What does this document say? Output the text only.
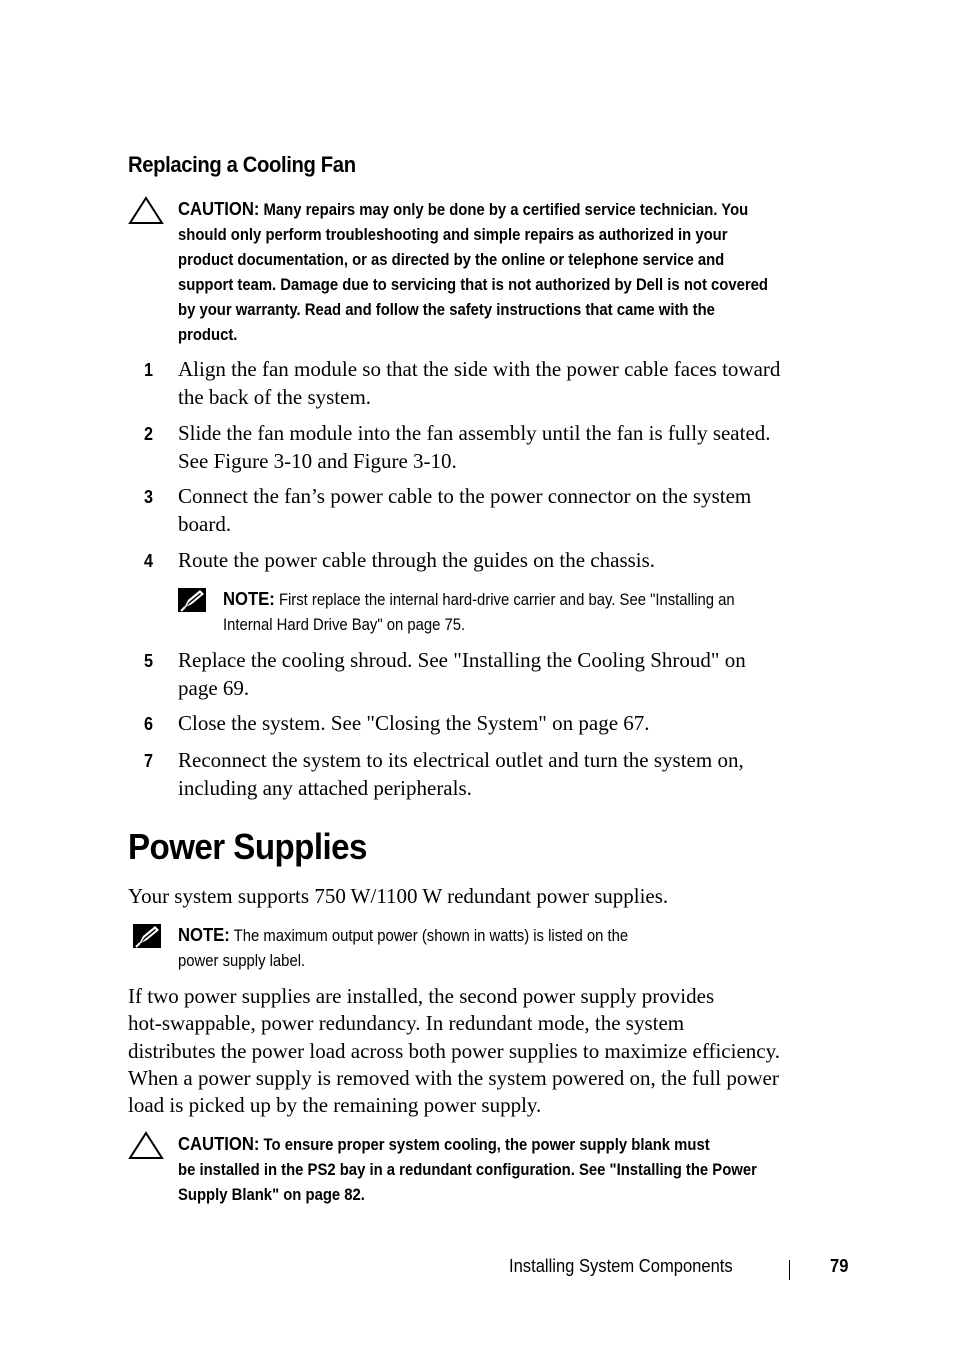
Replacing a Cooling Fan
CAUTION: Many repairs may only be done by a certified service technician. You
should only perform troubleshooting and simple repairs as authorized in your
product documentation, or as directed by the online or telephone service and
support team. Damage due to servicing that is not authorized by Dell is not covered
by your warranty. Read and follow the safety instructions that came with the
product.
1 Align the fan module so that the side with the power cable faces toward
the back of the system.
2 Slide the fan module into the fan assembly until the fan is fully seated.
See Figure 3-10 and Figure 3-10.
3 Connect the fan’s power cable to the power connector on the system
board.
4 Route the power cable through the guides on the chassis.
NOTE: First replace the internal hard-drive carrier and bay. See "Installing an
Internal Hard Drive Bay" on page 75.
5 Replace the cooling shroud. See "Installing the Cooling Shroud" on
page 69.
6 Close the system. See "Closing the System" on page 67.
7 Reconnect the system to its electrical outlet and turn the system on,
including any attached peripherals.
Power Supplies
Your system supports 750 W/1100 W redundant power supplies.
NOTE: The maximum output power (shown in watts) is listed on the
power supply label.
If two power supplies are installed, the second power supply provides
hot-swappable, power redundancy. In redundant mode, the system
distributes the power load across both power supplies to maximize efficiency.
When a power supply is removed with the system powered on, the full power
load is picked up by the remaining power supply.
CAUTION: To ensure proper system cooling, the power supply blank must
be installed in the PS2 bay in a redundant configuration. See "Installing the Power
Supply Blank" on page 82.
Installing System Components	79
